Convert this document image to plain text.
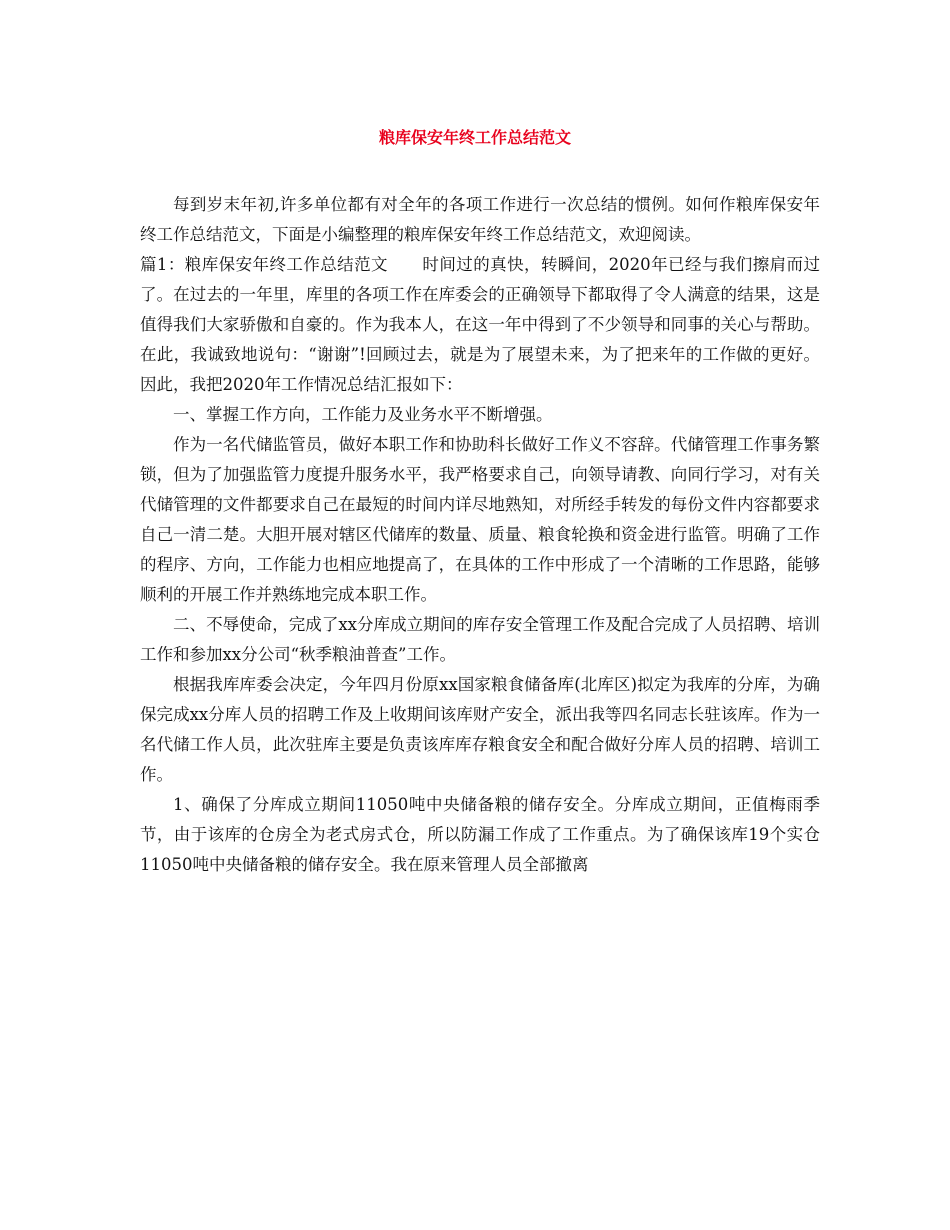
粮库保安年终工作总结范文

每到岁末年初,许多单位都有对全年的各项工作进行一次总结的惯例。如何作粮库保安年终工作总结范文，下面是小编整理的粮库保安年终工作总结范文，欢迎阅读。

篇1：粮库保安年终工作总结范文 时间过的真快，转瞬间，2020年已经与我们擦肩而过了。在过去的一年里，库里的各项工作在库委会的正确领导下都取得了令人满意的结果，这是值得我们大家骄傲和自豪的。作为我本人，在这一年中得到了不少领导和同事的关心与帮助。在此，我诚致地说句：“谢谢”!回顾过去，就是为了展望未来，为了把来年的工作做的更好。因此，我把2020年工作情况总结汇报如下：

一、掌握工作方向，工作能力及业务水平不断增强。

作为一名代储监管员，做好本职工作和协助科长做好工作义不容辞。代储管理工作事务繁锁，但为了加强监管力度提升服务水平，我严格要求自己，向领导请教、向同行学习，对有关代储管理的文件都要求自己在最短的时间内详尽地熟知，对所经手转发的每份文件内容都要求自己一清二楚。大胆开展对辖区代储库的数量、质量、粮食轮换和资金进行监管。明确了工作的程序、方向，工作能力也相应地提高了，在具体的工作中形成了一个清晰的工作思路，能够顺利的开展工作并熟练地完成本职工作。

二、不辱使命，完成了xx分库成立期间的库存安全管理工作及配合完成了人员招聘、培训工作和参加xx分公司“秋季粮油普查”工作。

根据我库库委会决定，今年四月份原xx国家粮食储备库(北库区)拟定为我库的分库，为确保完成xx分库人员的招聘工作及上收期间该库财产安全，派出我等四名同志长驻该库。作为一名代储工作人员，此次驻库主要是负责该库库存粮食安全和配合做好分库人员的招聘、培训工作。

1、确保了分库成立期间11050吨中央储备粮的储存安全。分库成立期间，正值梅雨季节，由于该库的仓房全为老式房式仓，所以防漏工作成了工作重点。为了确保该库19个实仓11050吨中央储备粮的储存安全。我在原来管理人员全部撤离
